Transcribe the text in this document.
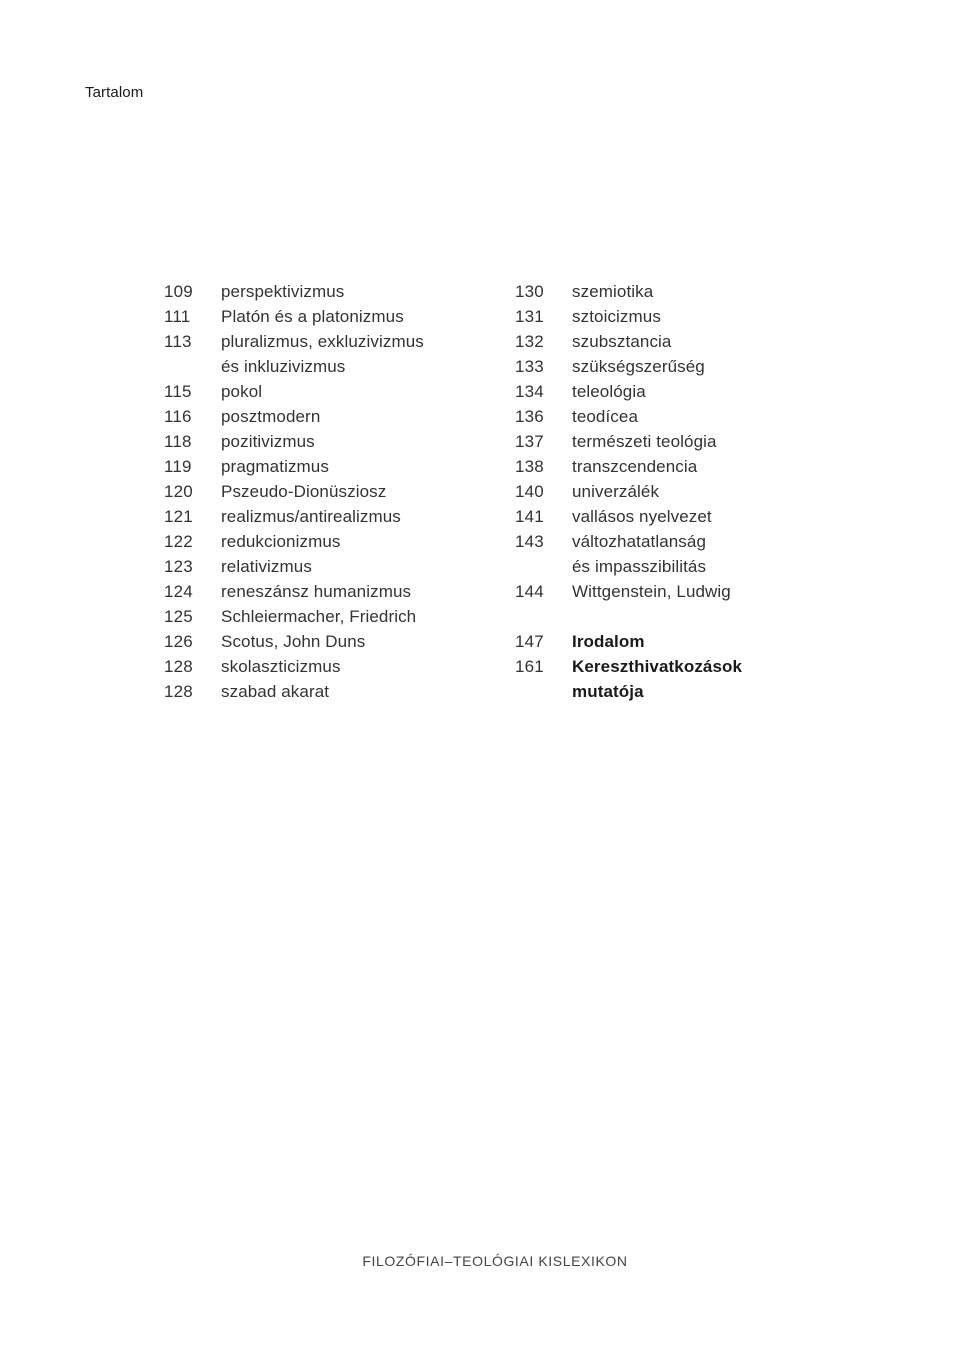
Tartalom
109	perspektivizmus
111	Platón és a platonizmus
113	pluralizmus, exkluzivizmus
és inkluzivizmus
115	pokol
116	posztmodern
118	pozitivizmus
119	pragmatizmus
120	Pszeudo-Dionüsziosz
121	realizmus/antirealizmus
122	redukcionizmus
123	relativizmus
124	reneszánsz humanizmus
125	Schleiermacher, Friedrich
126	Scotus, John Duns
128	skolaszticizmus
128	szabad akarat
130	szemiotika
131	sztoicizmus
132	szubsztancia
133	szükségszerűség
134	teleológia
136	teodícea
137	természeti teológia
138	transzcendencia
140	univerzálék
141	vallásos nyelvezet
143	változhatatlanság
és impasszibilitás
144	Wittgenstein, Ludwig
147	Irodalom
161	Kereszthivatkozások
mutatója
FILOZÓFIAI–TEOLÓGIAI KISLEXIKON
